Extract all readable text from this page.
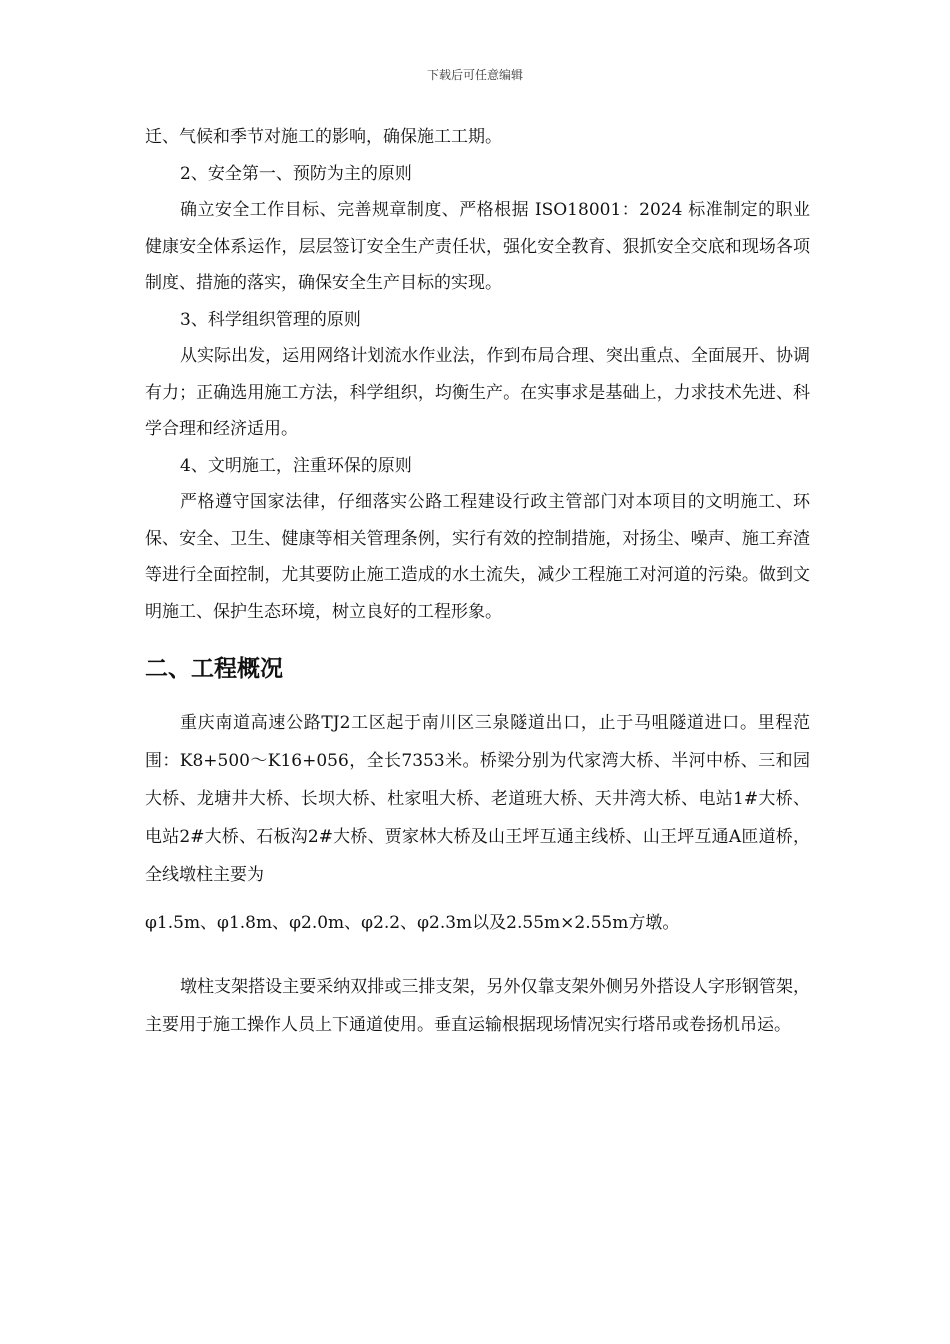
下载后可任意编辑

迁、气候和季节对施工的影响，确保施工工期。

2、安全第一、预防为主的原则

确立安全工作目标、完善规章制度、严格根据 ISO18001：2024 标准制定的职业健康安全体系运作，层层签订安全生产责任状，强化安全教育、狠抓安全交底和现场各项制度、措施的落实，确保安全生产目标的实现。

3、科学组织管理的原则

从实际出发，运用网络计划流水作业法，作到布局合理、突出重点、全面展开、协调有力；正确选用施工方法，科学组织，均衡生产。在实事求是基础上，力求技术先进、科学合理和经济适用。

4、文明施工，注重环保的原则

严格遵守国家法律，仔细落实公路工程建设行政主管部门对本项目的文明施工、环保、安全、卫生、健康等相关管理条例，实行有效的控制措施，对扬尘、噪声、施工弃渣等进行全面控制，尤其要防止施工造成的水土流失，减少工程施工对河道的污染。做到文明施工、保护生态环境，树立良好的工程形象。

二、工程概况

重庆南道高速公路TJ2工区起于南川区三泉隧道出口，止于马咀隧道进口。里程范围：K8+500～K16+056，全长7353米。桥梁分别为代家湾大桥、半河中桥、三和园大桥、龙塘井大桥、长坝大桥、杜家咀大桥、老道班大桥、天井湾大桥、电站1#大桥、电站2#大桥、石板沟2#大桥、贾家林大桥及山王坪互通主线桥、山王坪互通A匝道桥，全线墩柱主要为

φ1.5m、φ1.8m、φ2.0m、φ2.2、φ2.3m以及2.55m×2.55m方墩。

墩柱支架搭设主要采纳双排或三排支架，另外仅靠支架外侧另外搭设人字形钢管架，主要用于施工操作人员上下通道使用。垂直运输根据现场情况实行塔吊或卷扬机吊运。
